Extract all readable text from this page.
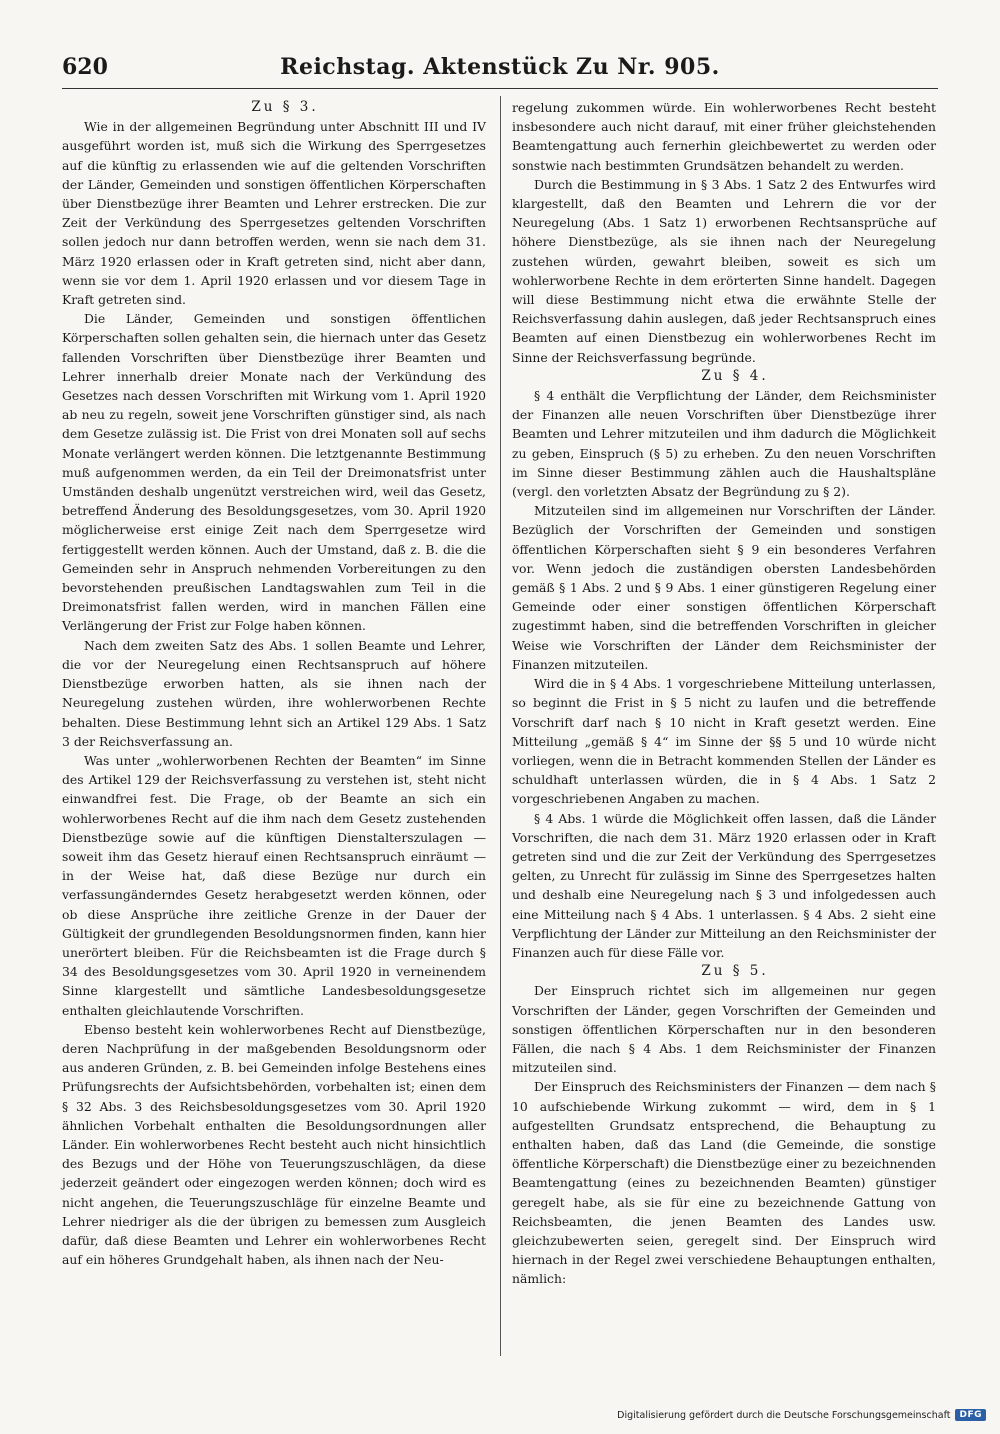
620	Reichstag. Aktenstück Zu Nr. 905.

Zu § 3.

Wie in der allgemeinen Begründung unter Abschnitt III und IV ausgeführt worden ist, muß sich die Wirkung des Sperrgesetzes auf die künftig zu erlassenden wie auf die geltenden Vorschriften der Länder, Gemeinden und sonstigen öffentlichen Körperschaften über Dienstbezüge ihrer Beamten und Lehrer erstrecken. Die zur Zeit der Verkündung des Sperrgesetzes geltenden Vorschriften sollen jedoch nur dann betroffen werden, wenn sie nach dem 31. März 1920 erlassen oder in Kraft getreten sind, nicht aber dann, wenn sie vor dem 1. April 1920 erlassen und vor diesem Tage in Kraft getreten sind.

Die Länder, Gemeinden und sonstigen öffentlichen Körperschaften sollen gehalten sein, die hiernach unter das Gesetz fallenden Vorschriften über Dienstbezüge ihrer Beamten und Lehrer innerhalb dreier Monate nach der Verkündung des Gesetzes nach dessen Vorschriften mit Wirkung vom 1. April 1920 ab neu zu regeln, soweit jene Vorschriften günstiger sind, als nach dem Gesetze zulässig ist. Die Frist von drei Monaten soll auf sechs Monate verlängert werden können. Die letztgenannte Bestimmung muß aufgenommen werden, da ein Teil der Dreimonatsfrist unter Umständen deshalb ungenützt verstreichen wird, weil das Gesetz, betreffend Änderung des Besoldungsgesetzes, vom 30. April 1920 möglicherweise erst einige Zeit nach dem Sperrgesetze wird fertiggestellt werden können. Auch der Umstand, daß z. B. die die Gemeinden sehr in Anspruch nehmenden Vorbereitungen zu den bevorstehenden preußischen Landtagswahlen zum Teil in die Dreimonatsfrist fallen werden, wird in manchen Fällen eine Verlängerung der Frist zur Folge haben können.

Nach dem zweiten Satz des Abs. 1 sollen Beamte und Lehrer, die vor der Neuregelung einen Rechtsanspruch auf höhere Dienstbezüge erworben hatten, als sie ihnen nach der Neuregelung zustehen würden, ihre wohlerworbenen Rechte behalten. Diese Bestimmung lehnt sich an Artikel 129 Abs. 1 Satz 3 der Reichsverfassung an.

Was unter „wohlerworbenen Rechten der Beamten“ im Sinne des Artikel 129 der Reichsverfassung zu verstehen ist, steht nicht einwandfrei fest. Die Frage, ob der Beamte an sich ein wohlerworbenes Recht auf die ihm nach dem Gesetz zustehenden Dienstbezüge sowie auf die künftigen Dienstalterszulagen — soweit ihm das Gesetz hierauf einen Rechtsanspruch einräumt — in der Weise hat, daß diese Bezüge nur durch ein verfassungänderndes Gesetz herabgesetzt werden können, oder ob diese Ansprüche ihre zeitliche Grenze in der Dauer der Gültigkeit der grundlegenden Besoldungsnormen finden, kann hier unerörtert bleiben. Für die Reichsbeamten ist die Frage durch § 34 des Besoldungsgesetzes vom 30. April 1920 in verneinendem Sinne klargestellt und sämtliche Landesbesoldungsgesetze enthalten gleichlautende Vorschriften.

Ebenso besteht kein wohlerworbenes Recht auf Dienstbezüge, deren Nachprüfung in der maßgebenden Besoldungsnorm oder aus anderen Gründen, z. B. bei Gemeinden infolge Bestehens eines Prüfungsrechts der Aufsichtsbehörden, vorbehalten ist; einen dem § 32 Abs. 3 des Reichsbesoldungsgesetzes vom 30. April 1920 ähnlichen Vorbehalt enthalten die Besoldungsordnungen aller Länder. Ein wohlerworbenes Recht besteht auch nicht hinsichtlich des Bezugs und der Höhe von Teuerungszuschlägen, da diese jederzeit geändert oder eingezogen werden können; doch wird es nicht angehen, die Teuerungszuschläge für einzelne Beamte und Lehrer niedriger als die der übrigen zu bemessen zum Ausgleich dafür, daß diese Beamten und Lehrer ein wohlerworbenes Recht auf ein höheres Grundgehalt haben, als ihnen nach der Neu-

regelung zukommen würde. Ein wohlerworbenes Recht besteht insbesondere auch nicht darauf, mit einer früher gleichstehenden Beamtengattung auch fernerhin gleichbewertet zu werden oder sonstwie nach bestimmten Grundsätzen behandelt zu werden.

Durch die Bestimmung in § 3 Abs. 1 Satz 2 des Entwurfes wird klargestellt, daß den Beamten und Lehrern die vor der Neuregelung (Abs. 1 Satz 1) erworbenen Rechtsansprüche auf höhere Dienstbezüge, als sie ihnen nach der Neuregelung zustehen würden, gewahrt bleiben, soweit es sich um wohlerworbene Rechte in dem erörterten Sinne handelt. Dagegen will diese Bestimmung nicht etwa die erwähnte Stelle der Reichsverfassung dahin auslegen, daß jeder Rechtsanspruch eines Beamten auf einen Dienstbezug ein wohlerworbenes Recht im Sinne der Reichsverfassung begründe.

Zu § 4.

§ 4 enthält die Verpflichtung der Länder, dem Reichsminister der Finanzen alle neuen Vorschriften über Dienstbezüge ihrer Beamten und Lehrer mitzuteilen und ihm dadurch die Möglichkeit zu geben, Einspruch (§ 5) zu erheben. Zu den neuen Vorschriften im Sinne dieser Bestimmung zählen auch die Haushaltspläne (vergl. den vorletzten Absatz der Begründung zu § 2).

Mitzuteilen sind im allgemeinen nur Vorschriften der Länder. Bezüglich der Vorschriften der Gemeinden und sonstigen öffentlichen Körperschaften sieht § 9 ein besonderes Verfahren vor. Wenn jedoch die zuständigen obersten Landesbehörden gemäß § 1 Abs. 2 und § 9 Abs. 1 einer günstigeren Regelung einer Gemeinde oder einer sonstigen öffentlichen Körperschaft zugestimmt haben, sind die betreffenden Vorschriften in gleicher Weise wie Vorschriften der Länder dem Reichsminister der Finanzen mitzuteilen.

Wird die in § 4 Abs. 1 vorgeschriebene Mitteilung unterlassen, so beginnt die Frist in § 5 nicht zu laufen und die betreffende Vorschrift darf nach § 10 nicht in Kraft gesetzt werden. Eine Mitteilung „gemäß § 4“ im Sinne der §§ 5 und 10 würde nicht vorliegen, wenn die in Betracht kommenden Stellen der Länder es schuldhaft unterlassen würden, die in § 4 Abs. 1 Satz 2 vorgeschriebenen Angaben zu machen.

§ 4 Abs. 1 würde die Möglichkeit offen lassen, daß die Länder Vorschriften, die nach dem 31. März 1920 erlassen oder in Kraft getreten sind und die zur Zeit der Verkündung des Sperrgesetzes gelten, zu Unrecht für zulässig im Sinne des Sperrgesetzes halten und deshalb eine Neuregelung nach § 3 und infolgedessen auch eine Mitteilung nach § 4 Abs. 1 unterlassen. § 4 Abs. 2 sieht eine Verpflichtung der Länder zur Mitteilung an den Reichsminister der Finanzen auch für diese Fälle vor.

Zu § 5.

Der Einspruch richtet sich im allgemeinen nur gegen Vorschriften der Länder, gegen Vorschriften der Gemeinden und sonstigen öffentlichen Körperschaften nur in den besonderen Fällen, die nach § 4 Abs. 1 dem Reichsminister der Finanzen mitzuteilen sind.

Der Einspruch des Reichsministers der Finanzen — dem nach § 10 aufschiebende Wirkung zukommt — wird, dem in § 1 aufgestellten Grundsatz entsprechend, die Behauptung zu enthalten haben, daß das Land (die Gemeinde, die sonstige öffentliche Körperschaft) die Dienstbezüge einer zu bezeichnenden Beamtengattung (eines zu bezeichnenden Beamten) günstiger geregelt habe, als sie für eine zu bezeichnende Gattung von Reichsbeamten, die jenen Beamten des Landes usw. gleichzubewerten seien, geregelt sind. Der Einspruch wird hiernach in der Regel zwei verschiedene Behauptungen enthalten, nämlich:

Digitalisierung gefördert durch die Deutsche Forschungsgemeinschaft	DFG
